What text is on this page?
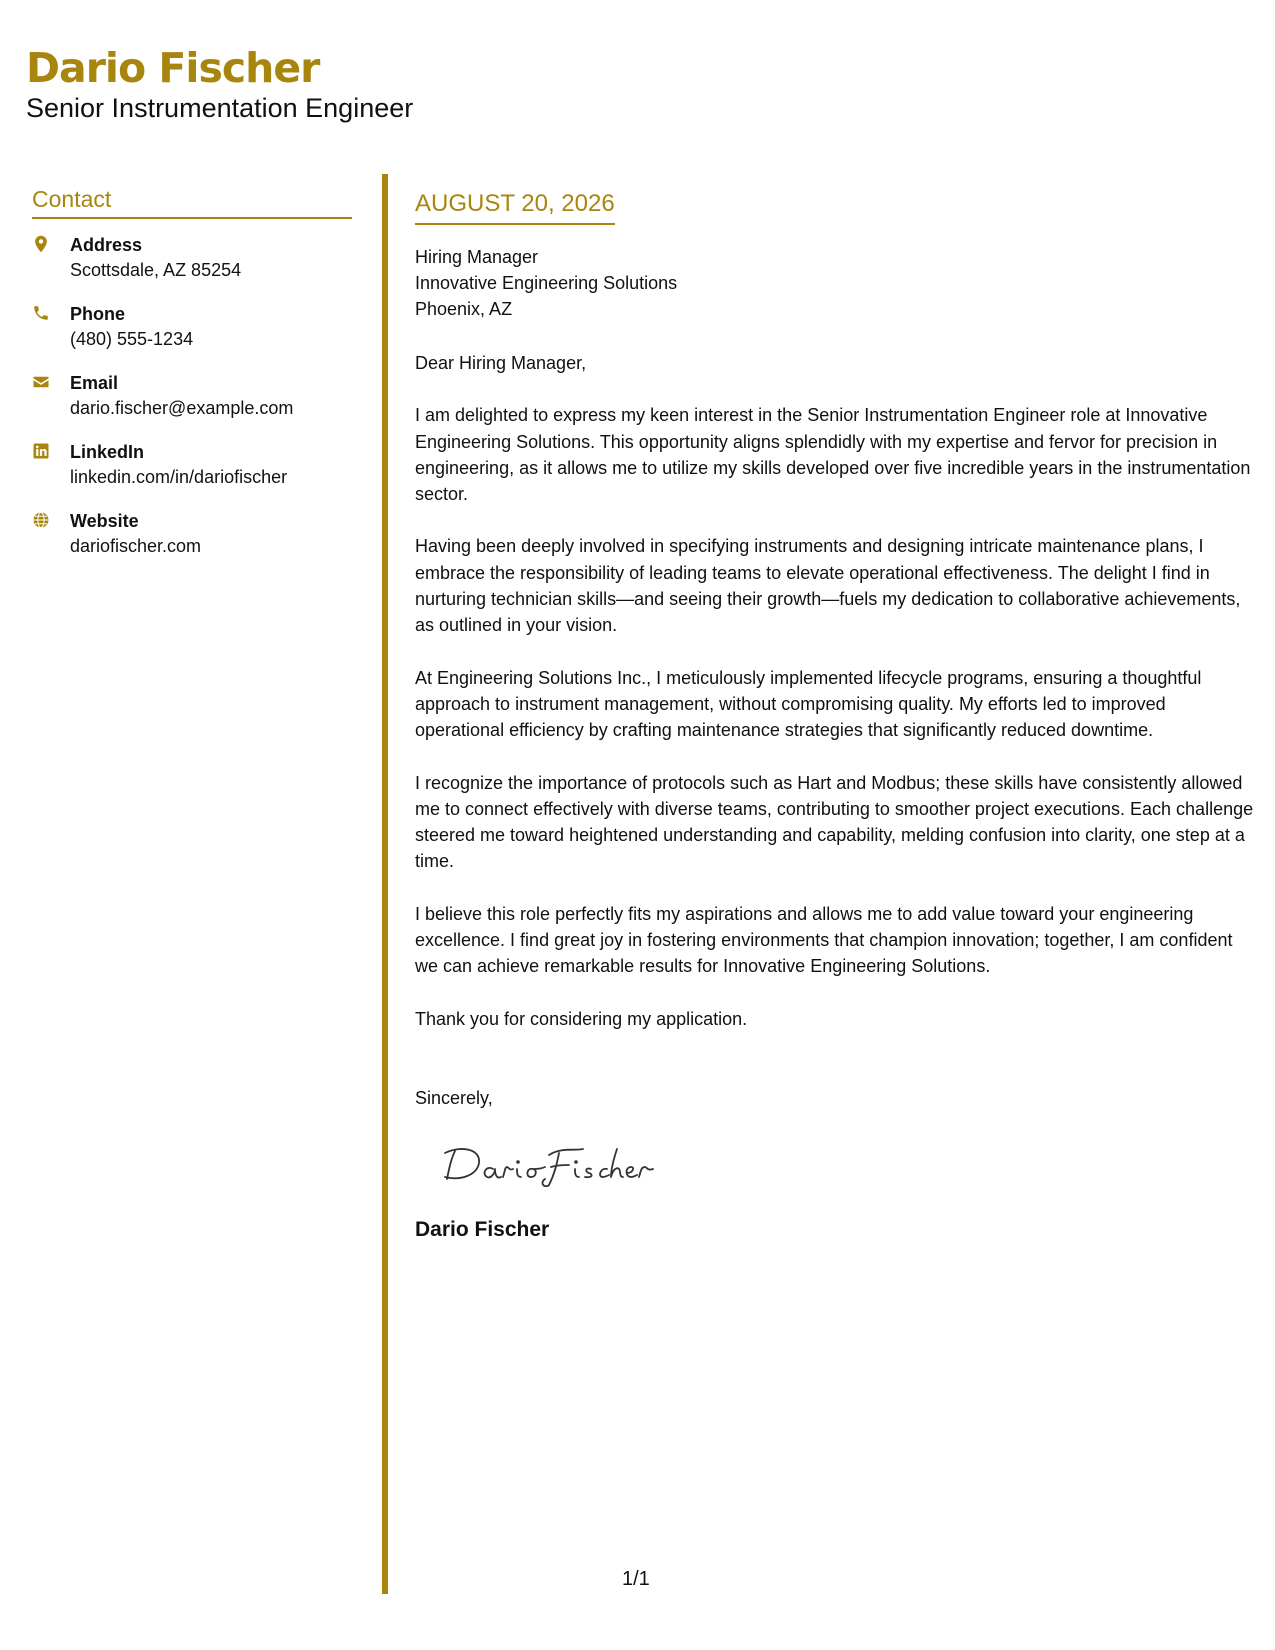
Dario Fischer
Senior Instrumentation Engineer
Contact
Address
Scottsdale, AZ 85254
Phone
(480) 555-1234
Email
dario.fischer@example.com
LinkedIn
linkedin.com/in/dariofischer
Website
dariofischer.com
AUGUST 20, 2026
Hiring Manager
Innovative Engineering Solutions
Phoenix, AZ
Dear Hiring Manager,

I am delighted to express my keen interest in the Senior Instrumentation Engineer role at Innovative Engineering Solutions. This opportunity aligns splendidly with my expertise and fervor for precision in engineering, as it allows me to utilize my skills developed over five incredible years in the instrumentation sector.

Having been deeply involved in specifying instruments and designing intricate maintenance plans, I embrace the responsibility of leading teams to elevate operational effectiveness. The delight I find in nurturing technician skills—and seeing their growth—fuels my dedication to collaborative achievements, as outlined in your vision.

At Engineering Solutions Inc., I meticulously implemented lifecycle programs, ensuring a thoughtful approach to instrument management, without compromising quality. My efforts led to improved operational efficiency by crafting maintenance strategies that significantly reduced downtime.

I recognize the importance of protocols such as Hart and Modbus; these skills have consistently allowed me to connect effectively with diverse teams, contributing to smoother project executions. Each challenge steered me toward heightened understanding and capability, melding confusion into clarity, one step at a time.

I believe this role perfectly fits my aspirations and allows me to add value toward your engineering excellence. I find great joy in fostering environments that champion innovation; together, I am confident we can achieve remarkable results for Innovative Engineering Solutions.

Thank you for considering my application.

Sincerely,
Dario Fischer
1/1
